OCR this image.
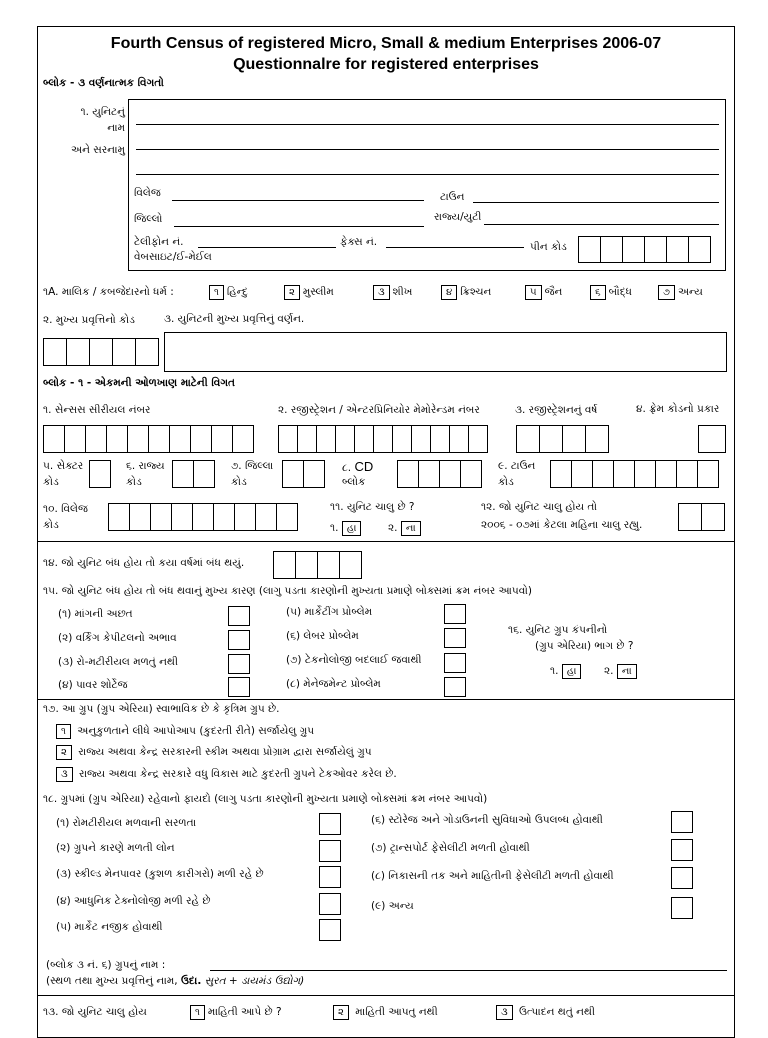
Fourth Census of registered Micro, Small & medium Enterprises 2006-07
Questionnalre for registered enterprises
બ્લોક - ૩ વર્ણનાત્મક વિગતો
૧. યુનિટનું
નામ
અને સરનામુ
વિલેજ	ટાઉન
જિલ્લો	રાજ્ય/યુટી
ટેલીફોન નં.	ફેક્સ નં.	પીન કોડ
વેબસાઇટ/ઈ-મેઈલ
૧A. માલિક / કબજેદારનો ધર્મ :	૧ હિન્દુ	૨ મુસ્લીમ	૩ શીખ	૪ ક્રિશ્ચન	૫ જૈન	૬ બૌદ્ધ	૭ અન્ય
૨. મુખ્ય પ્રવૃત્તિનો કોડ	૩. યુનિટની મુખ્ય પ્રવૃત્તિનું વર્ણન.
બ્લોક - ૧ - એકમની ઓળખાણ માટેની વિગત
૧. સેન્સસ સીરીયલ નંબર	૨. રજીસ્ટ્રેશન / એન્ટરપ્રિનિયોર મેમોરેન્ડમ નંબર	૩. રજીસ્ટ્રેશનનું વર્ષ	૪. ફ્રેમ કોડનો પ્રકાર
૫. સેક્ટર
કોડ
૬. રાજ્ય
કોડ
૭. જિલ્લા
કોડ
૮. CD
બ્લોક
૯. ટાઉન
કોડ
૧૦. વિલેજ
કોડ
૧૧. યુનિટ ચાલુ છે ?
૧. હા	૨. ના
૧૨. જો યુનિટ ચાલુ હોય તો
૨૦૦૬ - ૦૭માં કેટલા મહિના ચાલુ રહ્યુ.
૧૪. જો યુનિટ બંધ હોય તો કયા વર્ષમાં બંધ થયું.
૧૫. જો યુનિટ બંધ હોય તો બંધ થવાનું મુખ્ય કારણ (લાગુ પડતા કારણોની મુખ્યતા પ્રમાણે બોક્સમાં ક્રમ નંબર આપવો)
(૧) માંગની અછત
(૨) વર્કિંગ કેપીટલનો અભાવ
(૩) રો-મટીરીયલ મળતું નથી
(૪) પાવર શોર્ટેજ
(૫) માર્કેટીંગ પ્રોબ્લેમ
(૬) લેબર પ્રોબ્લેમ
(૭) ટેકનોલોજી બદલાઈ જવાથી
(૮) મેનેજમેન્ટ પ્રોબ્લેમ
૧૬. યુનિટ ગ્રુપ કંપનીનો
(ગ્રુપ એરિયા) ભાગ છે ?
૧. હા	૨. ના
૧૭. આ ગ્રુપ (ગ્રુપ એરિયા) સ્વાભાવિક છે કે કૃત્રિમ ગ્રુપ છે.
૧ અનુકુળતાને લીધે આપોઆપ (કુદરતી રીતે) સર્જાયેલુ ગ્રુપ
૨ રાજ્ય અથવા કેન્દ્ર સરકારની સ્કીમ અથવા પ્રોગ્રામ દ્વારા સર્જાયેલું ગ્રુપ
૩ રાજ્ય અથવા કેન્દ્ર સરકારે વધુ વિકાસ માટે કુદરતી ગ્રુપને ટેકઓવર કરેલ છે.
૧૮. ગ્રુપમાં (ગ્રુપ એરિયા) રહેવાનો ફાયદો (લાગુ પડતા કારણોની મુખ્યતા પ્રમાણે બોક્સમાં ક્રમ નંબર આપવો)
(૧) રોમટીરીયલ મળવાની સરળતા
(૨) ગ્રુપને કારણે મળતી લોન
(૩) સ્કીલ્ડ મેનપાવર (કુશળ કારીગરો) મળી રહે છે
(૪) આધુનિક ટેક્નોલોજી મળી રહે છે
(૫) માર્કેટ નજીક હોવાથી
(૬) સ્ટોરેજ અને ગોડાઉનની સુવિધાઓ ઉપલબ્ધ હોવાથી
(૭) ટ્રાન્સપોર્ટ ફેસેલીટી મળતી હોવાથી
(૮) નિકાસની તક અને માહિતીની ફેસેલીટી મળતી હોવાથી
(૯) અન્ય
(બ્લોક ૩ નં. ૬) ગ્રુપનું નામ :
(સ્થળ તથા મુખ્ય પ્રવૃત્તિનું નામ, ઉદા. સુરત + ડાયમંડ ઉદ્યોગ)
૧૩. જો યુનિટ ચાલુ હોય	૧ માહિતી આપે છે ?	૨ માહિતી આપતુ નથી	૩ ઉત્પાદન થતું નથી
